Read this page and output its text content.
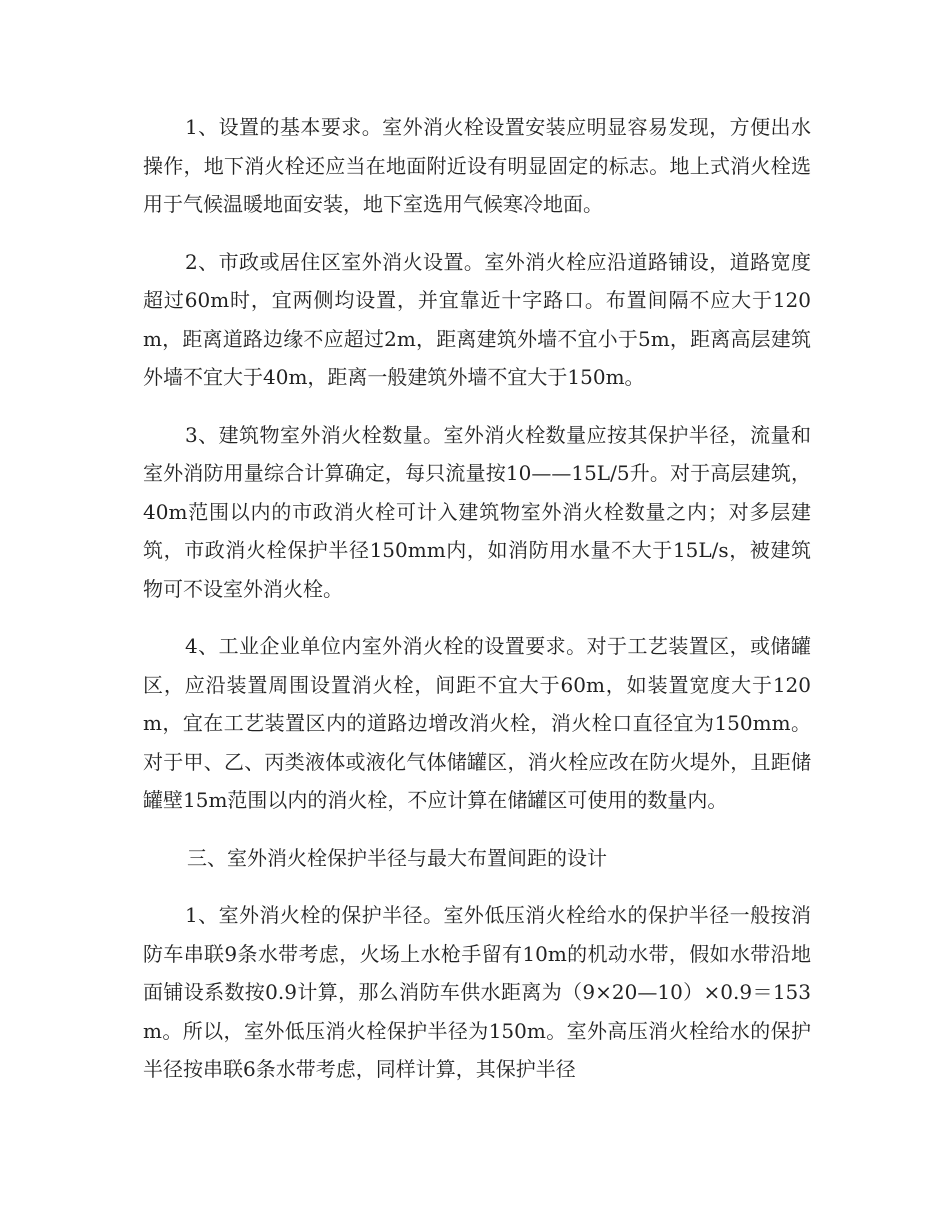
1、设置的基本要求。室外消火栓设置安装应明显容易发现，方便出水操作，地下消火栓还应当在地面附近设有明显固定的标志。地上式消火栓选用于气候温暖地面安装，地下室选用气候寒冷地面。

2、市政或居住区室外消火设置。室外消火栓应沿道路铺设，道路宽度超过60m时，宜两侧均设置，并宜靠近十字路口。布置间隔不应大于120m，距离道路边缘不应超过2m，距离建筑外墙不宜小于5m，距离高层建筑外墙不宜大于40m，距离一般建筑外墙不宜大于150m。

3、建筑物室外消火栓数量。室外消火栓数量应按其保护半径，流量和室外消防用量综合计算确定，每只流量按10——15L/5升。对于高层建筑，40m范围以内的市政消火栓可计入建筑物室外消火栓数量之内；对多层建筑，市政消火栓保护半径150mm内，如消防用水量不大于15L/s，被建筑物可不设室外消火栓。

4、工业企业单位内室外消火栓的设置要求。对于工艺装置区，或储罐区，应沿装置周围设置消火栓，间距不宜大于60m，如装置宽度大于120m，宜在工艺装置区内的道路边增改消火栓，消火栓口直径宜为150mm。对于甲、乙、丙类液体或液化气体储罐区，消火栓应改在防火堤外，且距储罐壁15m范围以内的消火栓，不应计算在储罐区可使用的数量内。

三、室外消火栓保护半径与最大布置间距的设计

1、室外消火栓的保护半径。室外低压消火栓给水的保护半径一般按消防车串联9条水带考虑，火场上水枪手留有10m的机动水带，假如水带沿地面铺设系数按0.9计算，那么消防车供水距离为（9×20—10）×0.9＝153m。所以，室外低压消火栓保护半径为150m。室外高压消火栓给水的保护半径按串联6条水带考虑，同样计算，其保护半径
